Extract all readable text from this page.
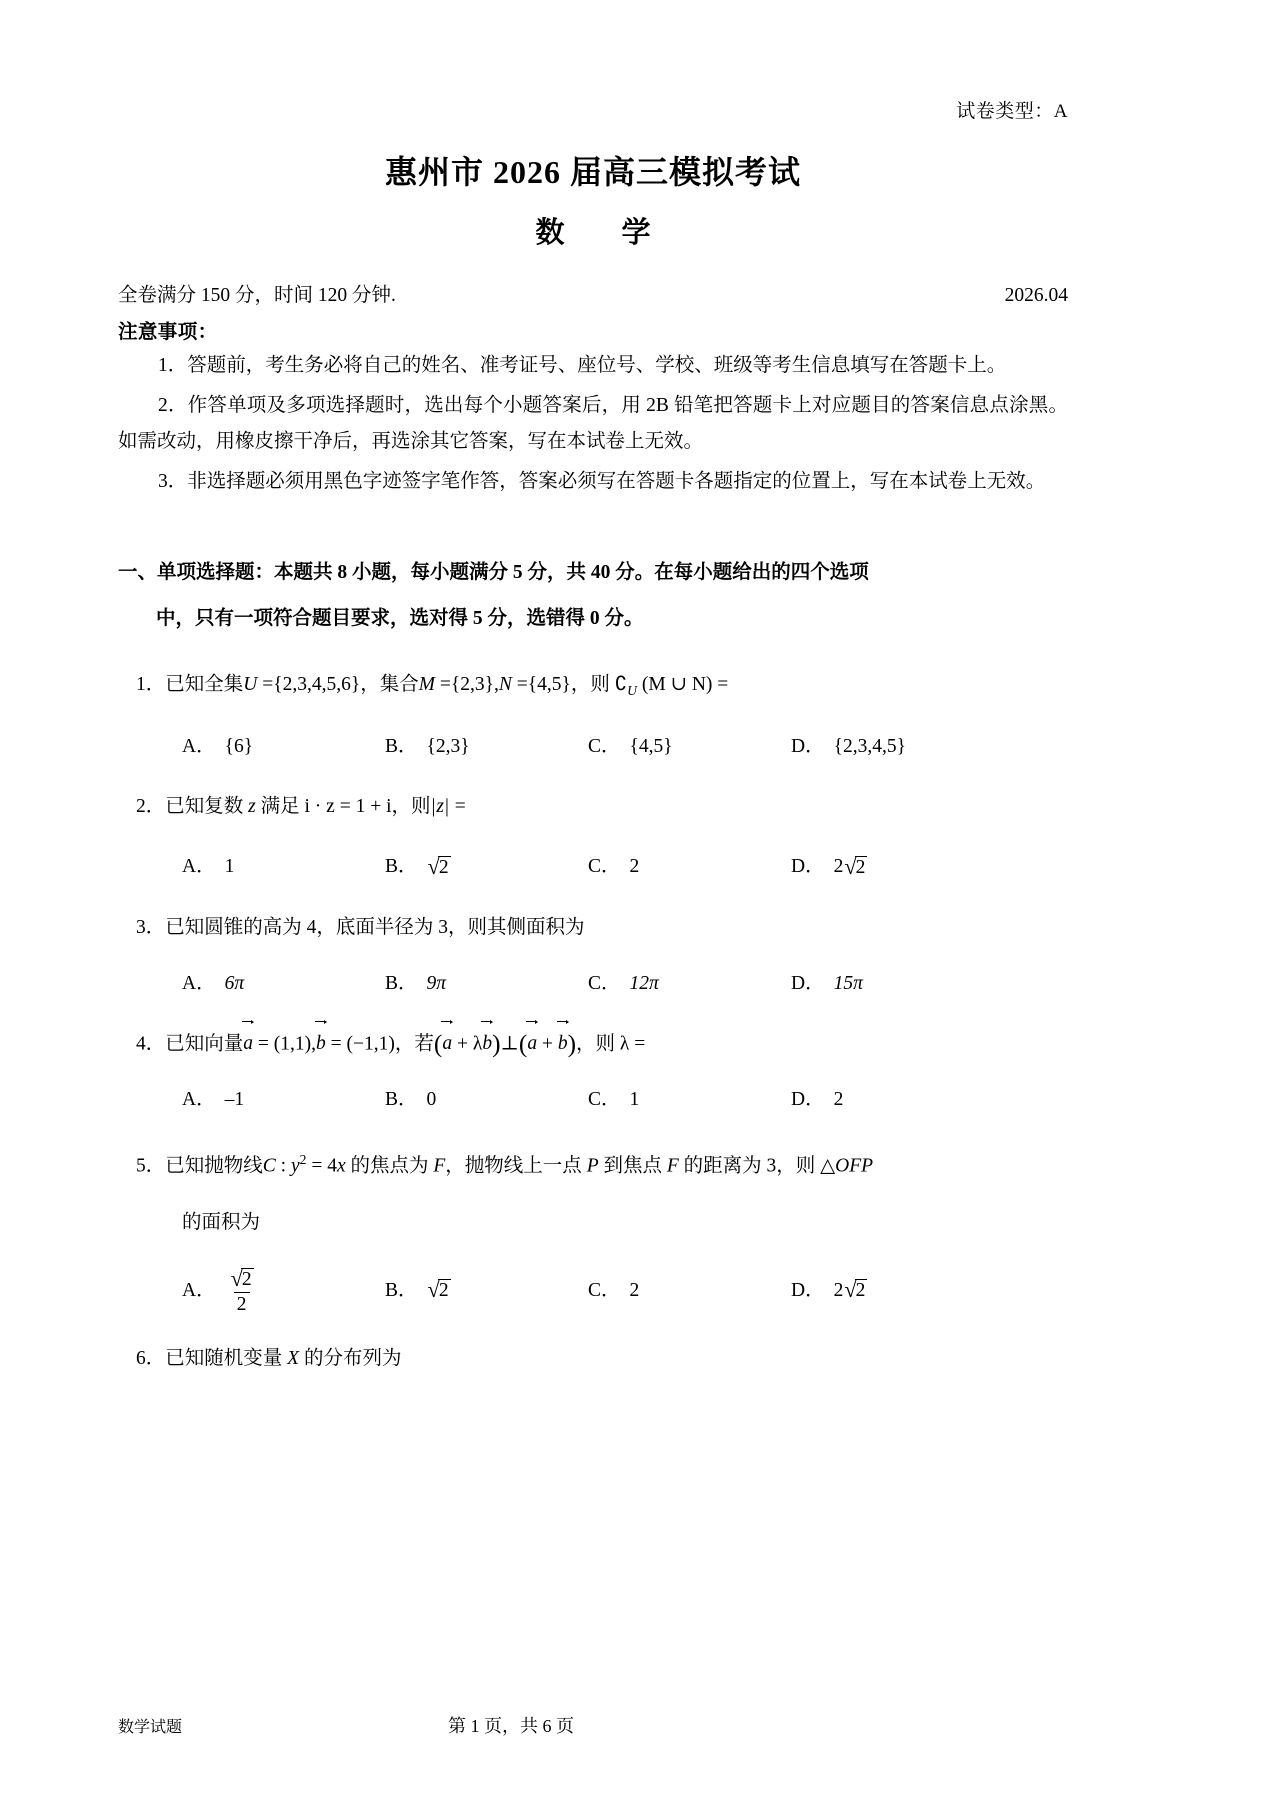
试卷类型：A
惠州市 2026 届高三模拟考试
数　学
全卷满分 150 分，时间 120 分钟.	2026.04
注意事项：
1．答题前，考生务必将自己的姓名、准考证号、座位号、学校、班级等考生信息填写在答题卡上。
2．作答单项及多项选择题时，选出每个小题答案后，用 2B 铅笔把答题卡上对应题目的答案信息点涂黑。如需改动，用橡皮擦干净后，再选涂其它答案，写在本试卷上无效。
3．非选择题必须用黑色字迹签字笔作答，答案必须写在答题卡各题指定的位置上，写在本试卷上无效。
一、单项选择题：本题共 8 小题，每小题满分 5 分，共 40 分。在每小题给出的四个选项
中，只有一项符合题目要求，选对得 5 分，选错得 0 分。
1．已知全集U ={2,3,4,5,6}，集合M ={2,3},N ={4,5}，则 $∁_U$ (M ∪ N) =
A． {6}	B． {2,3}	C． {4,5}	D． {2,3,4,5}
2．已知复数 z 满足 i · z = 1 + i，则|z| =
A． 1	B． √2	C． 2	D． 2 √2
3．已知圆锥的高为 4，底面半径为 3，则其侧面积为
A． 6π	B． 9π	C． 12π	D． 15π
4．已知向量a = (1,1),b = (−1,1)，若(a + λb)⊥(a + b)，则 λ =
A． –1	B． 0	C． 1	D． 2
5．已知抛物线C : $y^2 = 4x$ 的焦点为 F，抛物线上一点 P 到焦点 F 的距离为 3，则 △OFP
的面积为
A． $\frac{√2}{2}$	B． √2	C． 2	D． 2 √2
6．已知随机变量 X 的分布列为
数学试题	第 1 页，共 6 页
